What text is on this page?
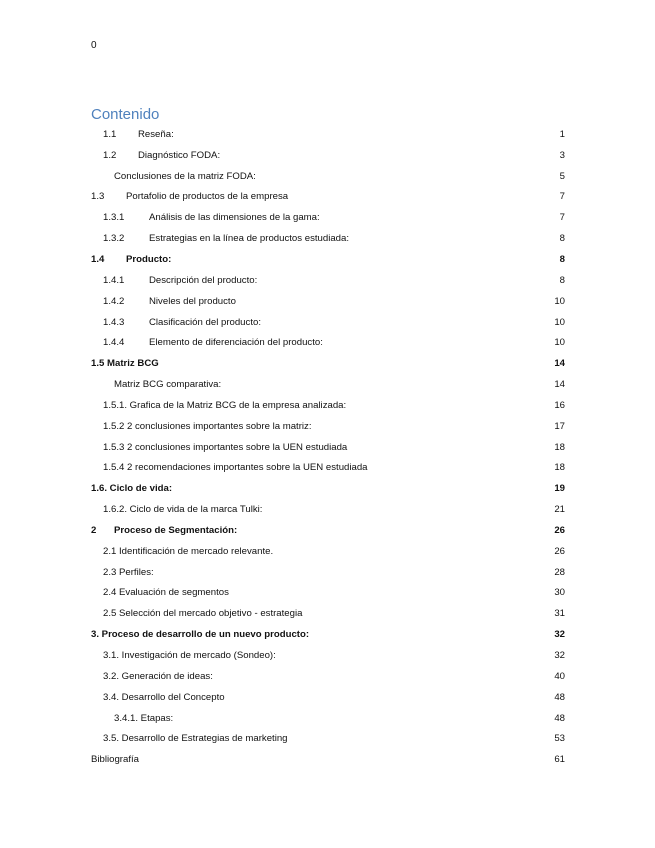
0
Contenido
1.1	Reseña:	1
1.2	Diagnóstico FODA:	3
Conclusiones de la matriz FODA:	5
1.3	Portafolio de productos de la empresa	7
1.3.1	Análisis de las dimensiones de la gama:	7
1.3.2	Estrategias en la línea de productos estudiada:	8
1.4	Producto:	8
1.4.1	Descripción del producto:	8
1.4.2	Niveles del producto	10
1.4.3	Clasificación del producto:	10
1.4.4	Elemento de diferenciación del producto:	10
1.5 Matriz BCG	14
Matriz BCG comparativa:	14
1.5.1. Grafica de la Matriz BCG de la empresa analizada:	16
1.5.2 2 conclusiones importantes sobre la matriz:	17
1.5.3 2 conclusiones importantes sobre la UEN estudiada	18
1.5.4 2 recomendaciones importantes sobre la UEN estudiada	18
1.6. Ciclo de vida:	19
1.6.2. Ciclo de vida de la marca Tulki:	21
2	Proceso de Segmentación:	26
2.1 Identificación de mercado relevante.	26
2.3 Perfiles:	28
2.4 Evaluación de segmentos	30
2.5 Selección del mercado objetivo - estrategia	31
3. Proceso de desarrollo de un nuevo producto:	32
3.1. Investigación de mercado (Sondeo):	32
3.2. Generación de ideas:	40
3.4. Desarrollo del Concepto	48
3.4.1. Etapas:	48
3.5. Desarrollo de Estrategias de marketing	53
Bibliografía	61
